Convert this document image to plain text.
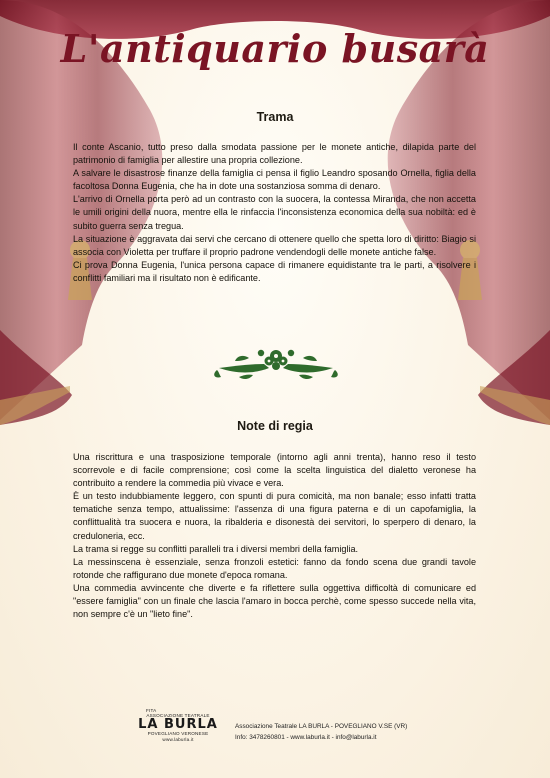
L'antiquario busarà
Trama

Il conte Ascanio, tutto preso dalla smodata passione per le monete antiche, dilapida parte del patrimonio di famiglia per allestire una propria collezione.

A salvare le disastrose finanze della famiglia ci pensa il figlio Leandro sposando Ornella, figlia della facoltosa Donna Eugenia, che ha in dote una sostanziosa somma di denaro.

L'arrivo di Ornella porta però ad un contrasto con la suocera, la contessa Miranda, che non accetta le umili origini della nuora, mentre ella le rinfaccia l'inconsistenza economica della sua nobiltà: ed è subito guerra senza tregua.

La situazione è aggravata dai servi che cercano di ottenere quello che spetta loro di diritto: Biagio si associa con Violetta per truffare il proprio padrone vendendogli delle monete antiche false.

Ci prova Donna Eugenia, l'unica persona capace di rimanere equidistante tra le parti, a risolvere i conflitti familiari ma il risultato non è edificante.

Note di regia

Una riscrittura e una trasposizione temporale (intorno agli anni trenta), hanno reso il testo scorrevole e di facile comprensione; così come la scelta linguistica del dialetto veronese ha contribuito a rendere la commedia più vivace e vera.

È un testo indubbiamente leggero, con spunti di pura comicità, ma non banale; esso infatti tratta tematiche senza tempo, attualissime: l'assenza di una figura paterna e di un capofamiglia, la conflittualità tra suocera e nuora, la ribalderia e disonestà dei servitori, lo sperpero di denaro, la creduloneria, ecc.

La trama si regge su conflitti paralleli tra i diversi membri della famiglia.

La messinscena è essenziale, senza fronzoli estetici: fanno da fondo scena due grandi tavole rotonde che raffigurano due monete d'epoca romana.

Una commedia avvincente che diverte e fa riflettere sulla oggettiva difficoltà di comunicare ed "essere famiglia" con un finale che lascia l'amaro in bocca perchè, come spesso succede nella vita, non sempre c'è un "lieto fine".

FITA
ASSOCIAZIONE TEATRALE
LA BURLA
POVEGLIANO VERONESE
www.laburla.it
Associazione Teatrale LA BURLA - POVEGLIANO V.SE (VR)
Info: 3478260801 - www.laburla.it - info@laburla.it
